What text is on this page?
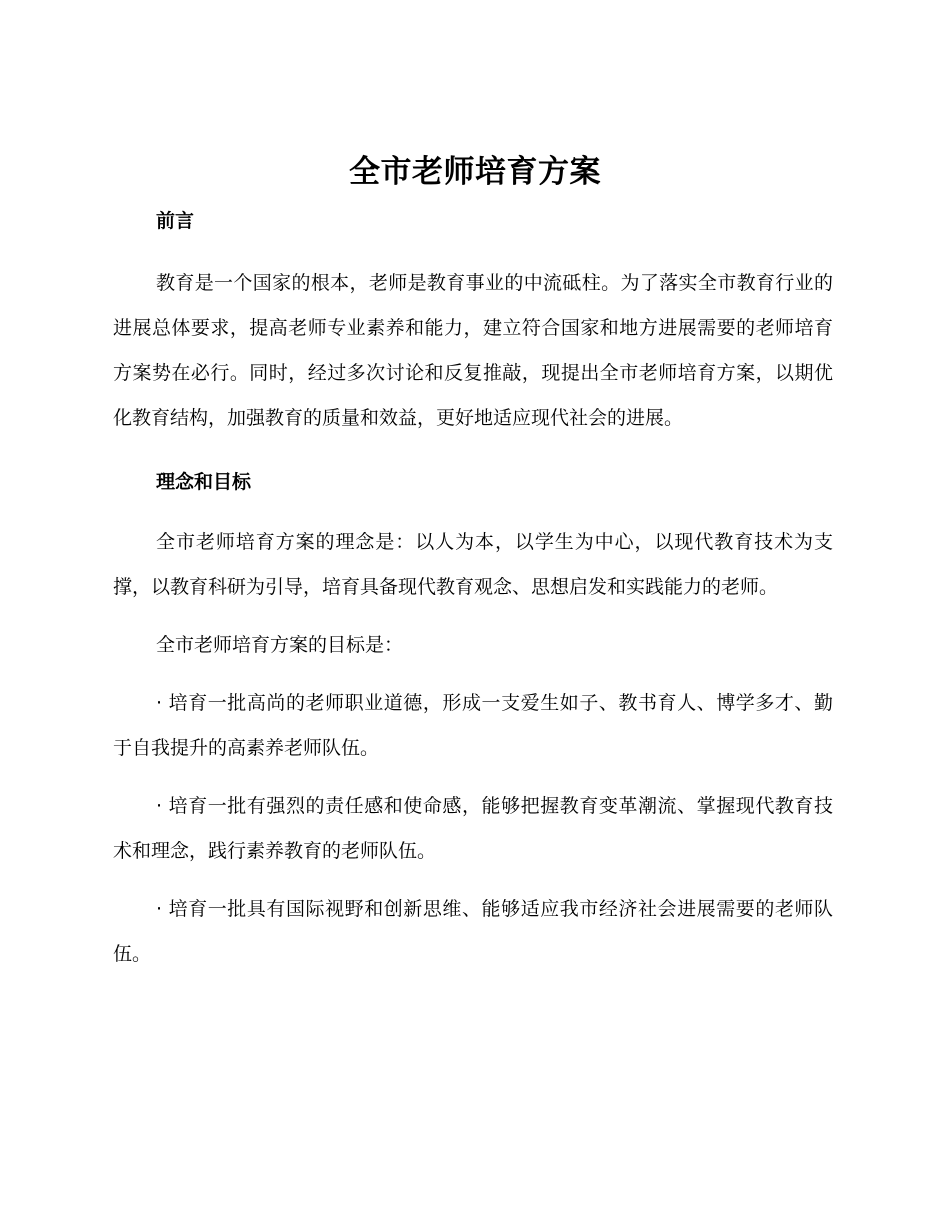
全市老师培育方案
前言

教育是一个国家的根本，老师是教育事业的中流砥柱。为了落实全市教育行业的进展总体要求，提高老师专业素养和能力，建立符合国家和地方进展需要的老师培育方案势在必行。同时，经过多次讨论和反复推敲，现提出全市老师培育方案，以期优化教育结构，加强教育的质量和效益，更好地适应现代社会的进展。

理念和目标

全市老师培育方案的理念是：以人为本，以学生为中心，以现代教育技术为支撑，以教育科研为引导，培育具备现代教育观念、思想启发和实践能力的老师。

全市老师培育方案的目标是：

· 培育一批高尚的老师职业道德，形成一支爱生如子、教书育人、博学多才、勤于自我提升的高素养老师队伍。

· 培育一批有强烈的责任感和使命感，能够把握教育变革潮流、掌握现代教育技术和理念，践行素养教育的老师队伍。

· 培育一批具有国际视野和创新思维、能够适应我市经济社会进展需要的老师队伍。
